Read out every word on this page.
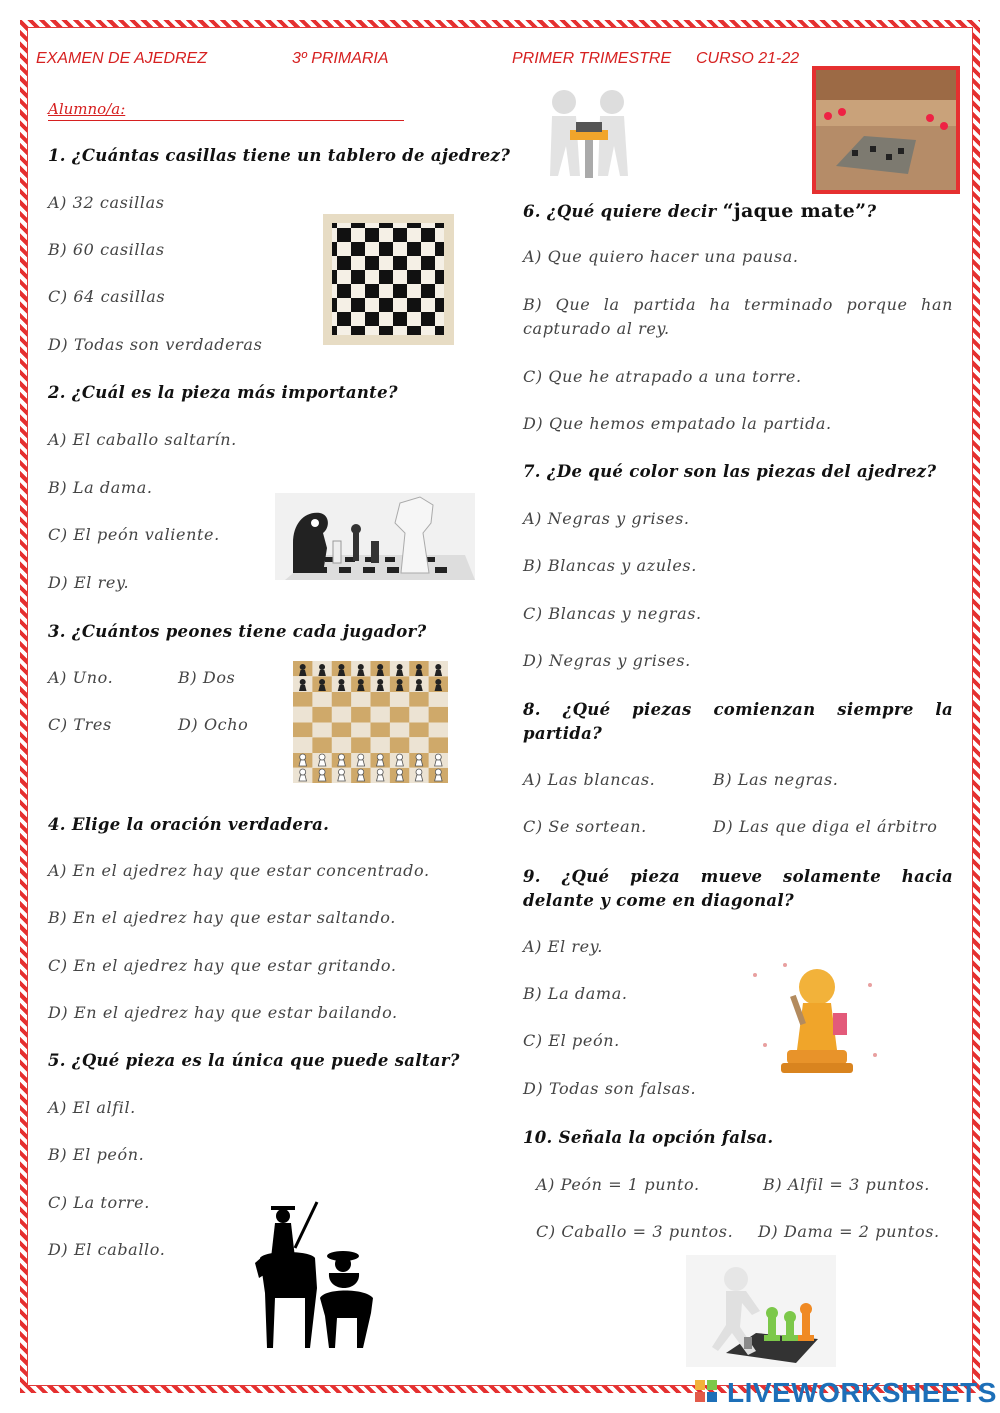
EXAMEN DE AJEDREZ	3º PRIMARIA	PRIMER TRIMESTRE CURSO 21-22
Alumno/a:
1. ¿Cuántas casillas tiene un tablero de ajedrez?
A) 32 casillas
B) 60 casillas
C) 64 casillas
D) Todas son verdaderas
2. ¿Cuál es la pieza más importante?
A) El caballo saltarín.
B) La dama.
C) El peón valiente.
D) El rey.
3. ¿Cuántos peones tiene cada jugador?
A) Uno.	B) Dos
C) Tres	D) Ocho
4. Elige la oración verdadera.
A) En el ajedrez hay que estar concentrado.
B) En el ajedrez hay que estar saltando.
C) En el ajedrez hay que estar gritando.
D) En el ajedrez hay que estar bailando.
5. ¿Qué pieza es la única que puede saltar?
A) El alfil.
B) El peón.
C) La torre.
D) El caballo.
6. ¿Qué quiere decir “jaque mate”?
A) Que quiero hacer una pausa.
B) Que la partida ha terminado porque han capturado al rey.
C) Que he atrapado a una torre.
D) Que hemos empatado la partida.
7. ¿De qué color son las piezas del ajedrez?
A) Negras y grises.
B) Blancas y azules.
C) Blancas y negras.
D) Negras y grises.
8. ¿Qué piezas comienzan siempre la partida?
A) Las blancas.	B) Las negras.
C) Se sortean.	D) Las que diga el árbitro
9. ¿Qué pieza mueve solamente hacia delante y come en diagonal?
A) El rey.
B) La dama.
C) El peón.
D) Todas son falsas.
10. Señala la opción falsa.
A) Peón = 1 punto.	B) Alfil = 3 puntos.
C) Caballo = 3 puntos. D) Dama = 2 puntos.
LIVEWORKSHEETS
